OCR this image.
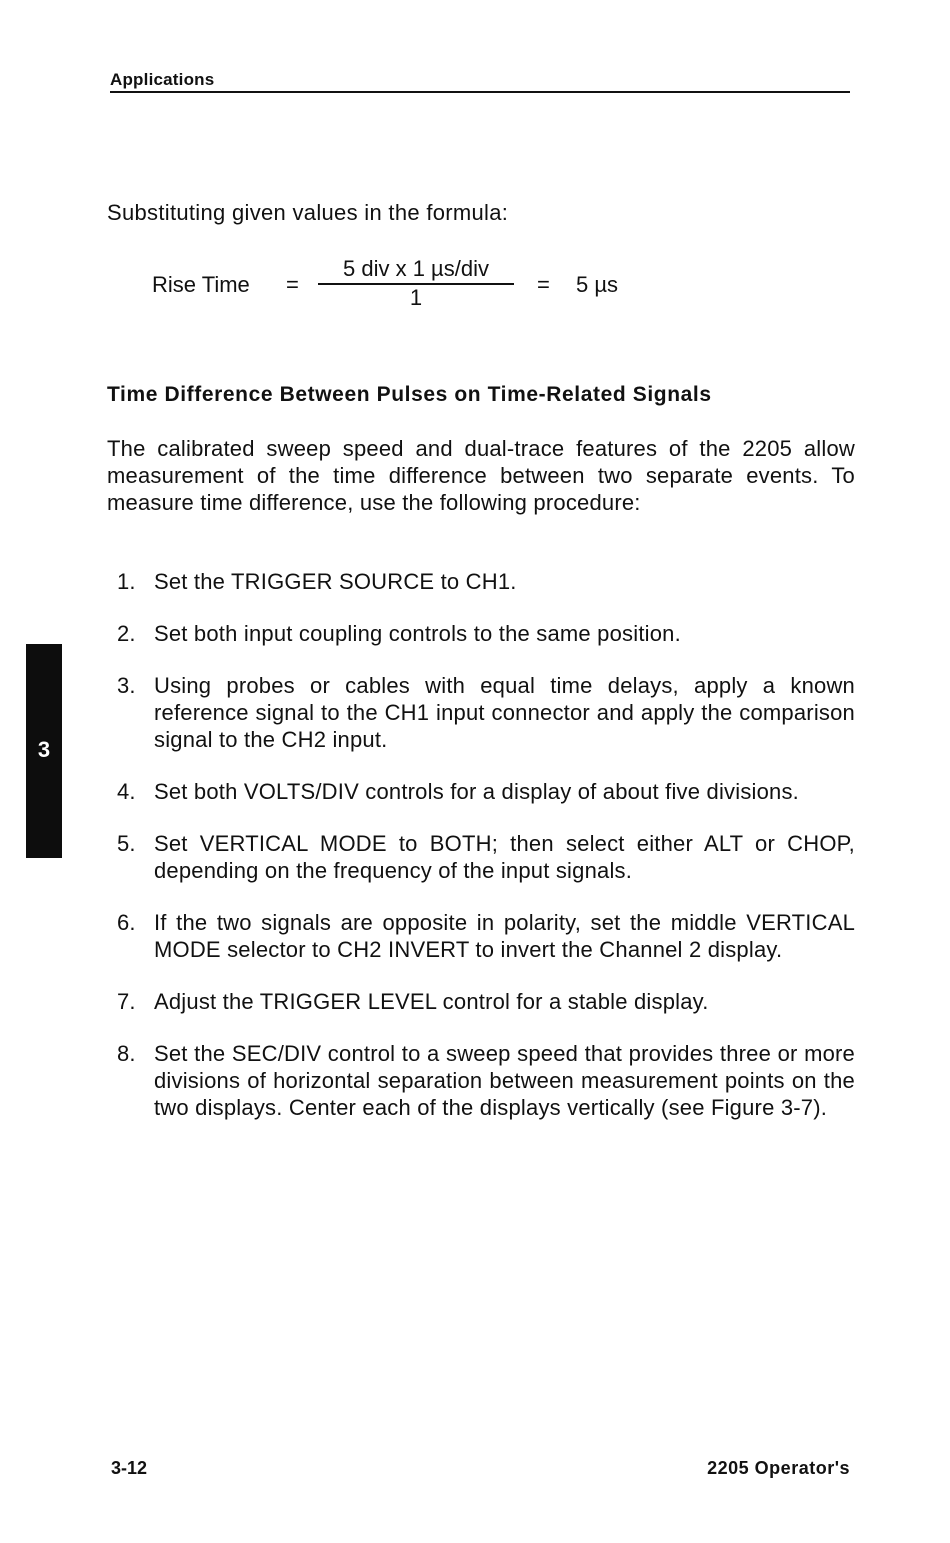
Applications
Substituting given values in the formula:
Rise Time =
5 div x 1 µs/div
1
= 5 µs
Time Difference Between Pulses on Time-Related Signals
The calibrated sweep speed and dual-trace features of the 2205 allow measurement of the time difference between two separate events. To measure time difference, use the following procedure:
1. Set the TRIGGER SOURCE to CH1.
2. Set both input coupling controls to the same position.
3. Using probes or cables with equal time delays, apply a known reference signal to the CH1 input connector and apply the comparison signal to the CH2 input.
4. Set both VOLTS/DIV controls for a display of about five divisions.
5. Set VERTICAL MODE to BOTH; then select either ALT or CHOP, depending on the frequency of the input signals.
6. If the two signals are opposite in polarity, set the middle VERTICAL MODE selector to CH2 INVERT to invert the Channel 2 display.
7. Adjust the TRIGGER LEVEL control for a stable display.
8. Set the SEC/DIV control to a sweep speed that provides three or more divisions of horizontal separation between measurement points on the two displays. Center each of the displays vertically (see Figure 3-7).
3
3-12	2205 Operator's
